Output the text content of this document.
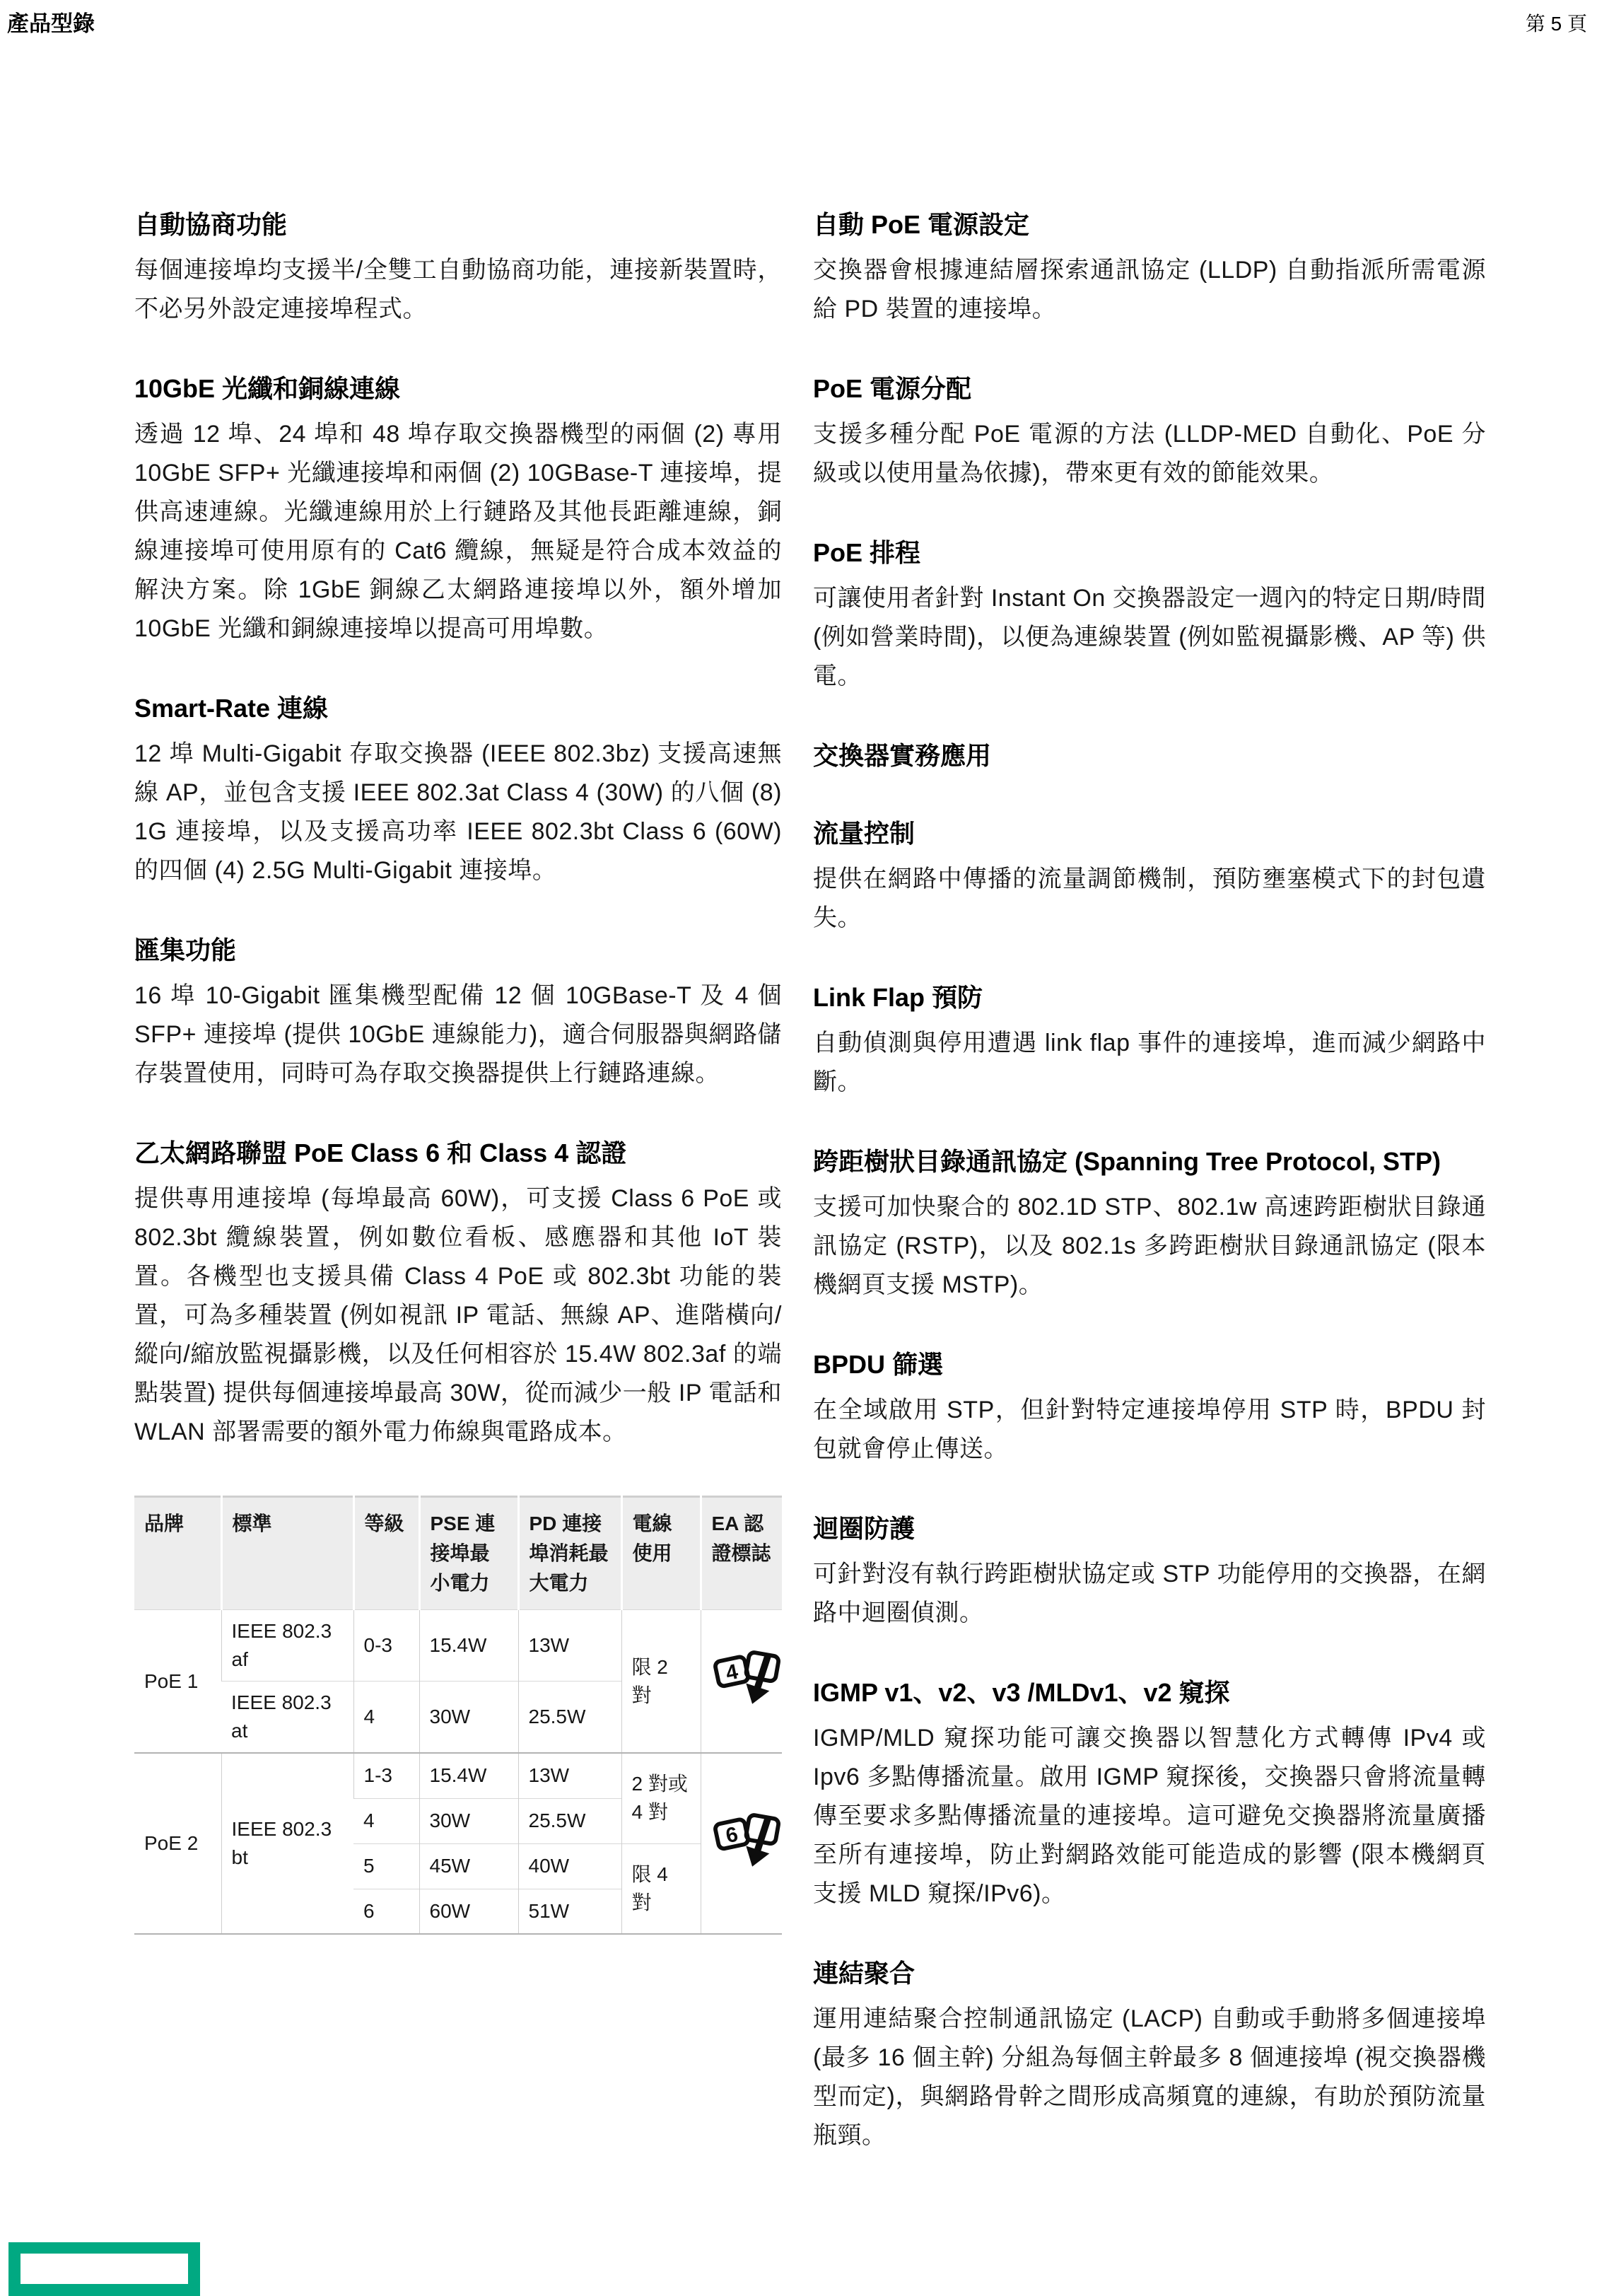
產品型錄	第 5 頁
自動協商功能

每個連接埠均支援半/全雙工自動協商功能，連接新裝置時，不必另外設定連接埠程式。

10GbE 光纖和銅線連線

透過 12 埠、24 埠和 48 埠存取交換器機型的兩個 (2) 專用 10GbE SFP+ 光纖連接埠和兩個 (2) 10GBase-T 連接埠，提供高速連線。光纖連線用於上行鏈路及其他長距離連線，銅線連接埠可使用原有的 Cat6 纜線，無疑是符合成本效益的解決方案。除 1GbE 銅線乙太網路連接埠以外，額外增加 10GbE 光纖和銅線連接埠以提高可用埠數。

Smart-Rate 連線

12 埠 Multi-Gigabit 存取交換器 (IEEE 802.3bz) 支援高速無線 AP，並包含支援 IEEE 802.3at Class 4 (30W) 的八個 (8) 1G 連接埠，以及支援高功率 IEEE 802.3bt Class 6 (60W) 的四個 (4) 2.5G Multi-Gigabit 連接埠。

匯集功能

16 埠 10-Gigabit 匯集機型配備 12 個 10GBase-T 及 4 個 SFP+ 連接埠 (提供 10GbE 連線能力)，適合伺服器與網路儲存裝置使用，同時可為存取交換器提供上行鏈路連線。

乙太網路聯盟 PoE Class 6 和 Class 4 認證

提供專用連接埠 (每埠最高 60W)，可支援 Class 6 PoE 或 802.3bt 纜線裝置，例如數位看板、感應器和其他 IoT 裝置。各機型也支援具備 Class 4 PoE 或 802.3bt 功能的裝置，可為多種裝置 (例如視訊 IP 電話、無線 AP、進階橫向/縱向/縮放監視攝影機，以及任何相容於 15.4W 802.3af 的端點裝置) 提供每個連接埠最高 30W，從而減少一般 IP 電話和 WLAN 部署需要的額外電力佈線與電路成本。

品牌	標準	等級	PSE 連接埠最小電力	PD 連接埠消耗最大電力	電線使用	EA 認證標誌
PoE 1	IEEE 802.3 af	0-3	15.4W	13W	限 2 對	4

	IEEE 802.3 at	4	30W	25.5W		
PoE 2	IEEE 802.3 bt	1-3	15.4W	13W	2 對或 4 對	6

		4	30W	25.5W		
		5	45W	40W	限 4 對	
		6	60W	51W		
自動 PoE 電源設定

交換器會根據連結層探索通訊協定 (LLDP) 自動指派所需電源給 PD 裝置的連接埠。

PoE 電源分配

支援多種分配 PoE 電源的方法 (LLDP-MED 自動化、PoE 分級或以使用量為依據)，帶來更有效的節能效果。

PoE 排程

可讓使用者針對 Instant On 交換器設定一週內的特定日期/時間 (例如營業時間)，以便為連線裝置 (例如監視攝影機、AP 等) 供電。

交換器實務應用
流量控制

提供在網路中傳播的流量調節機制，預防壅塞模式下的封包遺失。

Link Flap 預防

自動偵測與停用遭遇 link flap 事件的連接埠，進而減少網路中斷。

跨距樹狀目錄通訊協定 (Spanning Tree Protocol, STP)

支援可加快聚合的 802.1D STP、802.1w 高速跨距樹狀目錄通訊協定 (RSTP)，以及 802.1s 多跨距樹狀目錄通訊協定 (限本機網頁支援 MSTP)。

BPDU 篩選

在全域啟用 STP，但針對特定連接埠停用 STP 時，BPDU 封包就會停止傳送。

迴圈防護

可針對沒有執行跨距樹狀協定或 STP 功能停用的交換器，在網路中迴圈偵測。

IGMP v1、v2、v3 /MLDv1、v2 窺探

IGMP/MLD 窺探功能可讓交換器以智慧化方式轉傳 IPv4 或 Ipv6 多點傳播流量。啟用 IGMP 窺探後，交換器只會將流量轉傳至要求多點傳播流量的連接埠。這可避免交換器將流量廣播至所有連接埠，防止對網路效能可能造成的影響 (限本機網頁支援 MLD 窺探/IPv6)。

連結聚合

運用連結聚合控制通訊協定 (LACP) 自動或手動將多個連接埠 (最多 16 個主幹) 分組為每個主幹最多 8 個連接埠 (視交換器機型而定)，與網路骨幹之間形成高頻寬的連線，有助於預防流量瓶頸。
